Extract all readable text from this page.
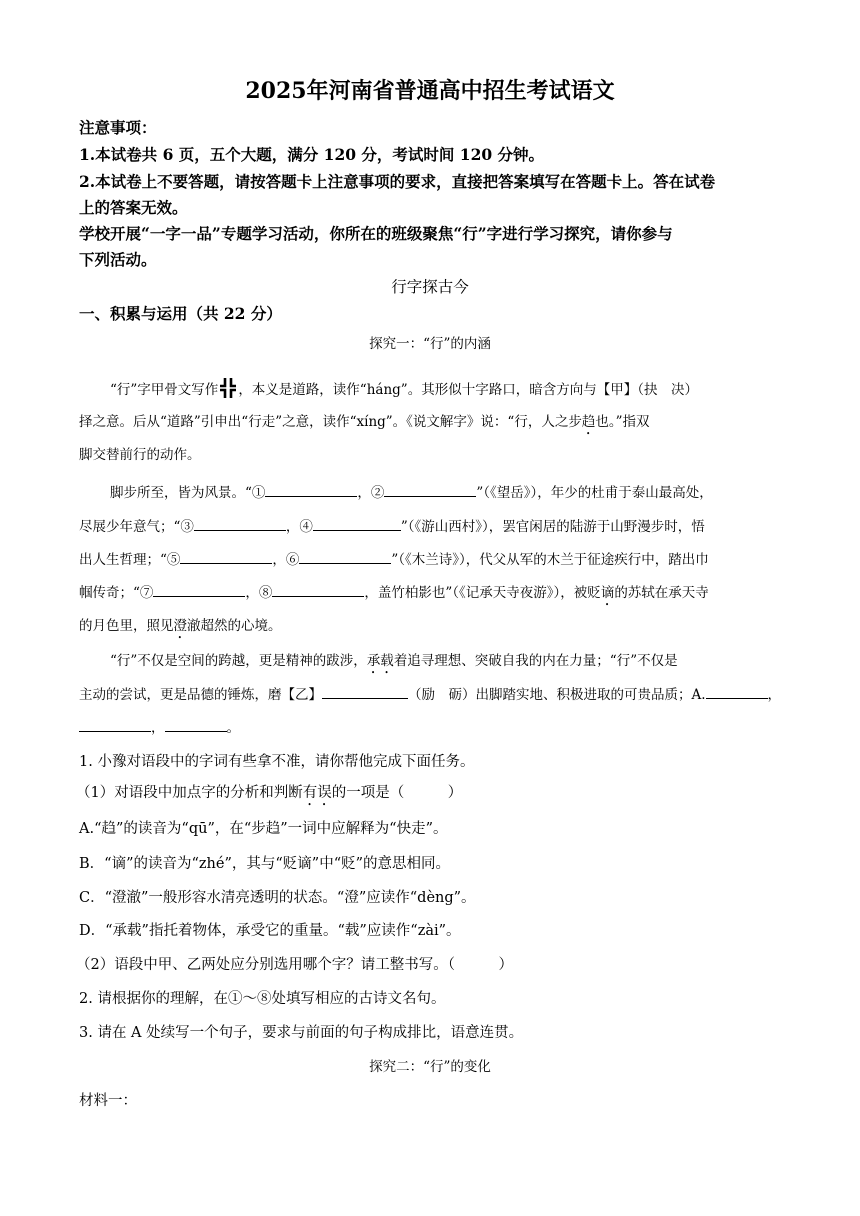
2025年河南省普通高中招生考试语文
注意事项：
1.本试卷共 6 页，五个大题，满分 120 分，考试时间 120 分钟。
2.本试卷上不要答题，请按答题卡上注意事项的要求，直接把答案填写在答题卡上。答在试卷
上的答案无效。
学校开展“一字一品”专题学习活动，你所在的班级聚焦“行”字进行学习探究，请你参与
下列活动。
行字探古今
一、积累与运用（共 22 分）
探究一：“行”的内涵
“行”字甲骨文写作 ，本义是道路，读作“háng”。其形似十字路口，暗含方向与【甲】（抉　决）
择之意。后从“道路”引申出“行走”之意，读作“xíng”。《说文解字》说：“行，人之步趋也。”指双
脚交替前行的动作。
脚步所至，皆为风景。“①	，②	”（《望岳》），年少的杜甫于泰山最高处，
尽展少年意气；“③	，④	”（《游山西村》），罢官闲居的陆游于山野漫步时，悟
出人生哲理；“⑤	，⑥	”（《木兰诗》），代父从军的木兰于征途疾行中，踏出巾
帼传奇；“⑦	，⑧	，盖竹柏影也”（《记承天寺夜游》），被贬谪的苏轼在承天寺
的月色里，照见澄澈超然的心境。
“行”不仅是空间的跨越，更是精神的跋涉，承载着追寻理想、突破自我的内在力量；“行”不仅是
主动的尝试，更是品德的锤炼，磨【乙】	（励　砺）出脚踏实地、积极进取的可贵品质；A.	，
，	。
1. 小豫对语段中的字词有些拿不准，请你帮他完成下面任务。
（1）对语段中加点字的分析和判断有误的一项是（　　　）
A.“趋”的读音为“qū”，在“步趋”一词中应解释为“快走”。
B．“谪”的读音为“zhé”，其与“贬谪”中“贬”的意思相同。
C．“澄澈”一般形容水清亮透明的状态。“澄”应读作“dèng”。
D．“承载”指托着物体，承受它的重量。“载”应读作“zài”。
（2）语段中甲、乙两处应分别选用哪个字？请工整书写。（　　　）
2. 请根据你的理解，在①～⑧处填写相应的古诗文名句。
3. 请在 A 处续写一个句子，要求与前面的句子构成排比，语意连贯。
探究二：“行”的变化
材料一：
